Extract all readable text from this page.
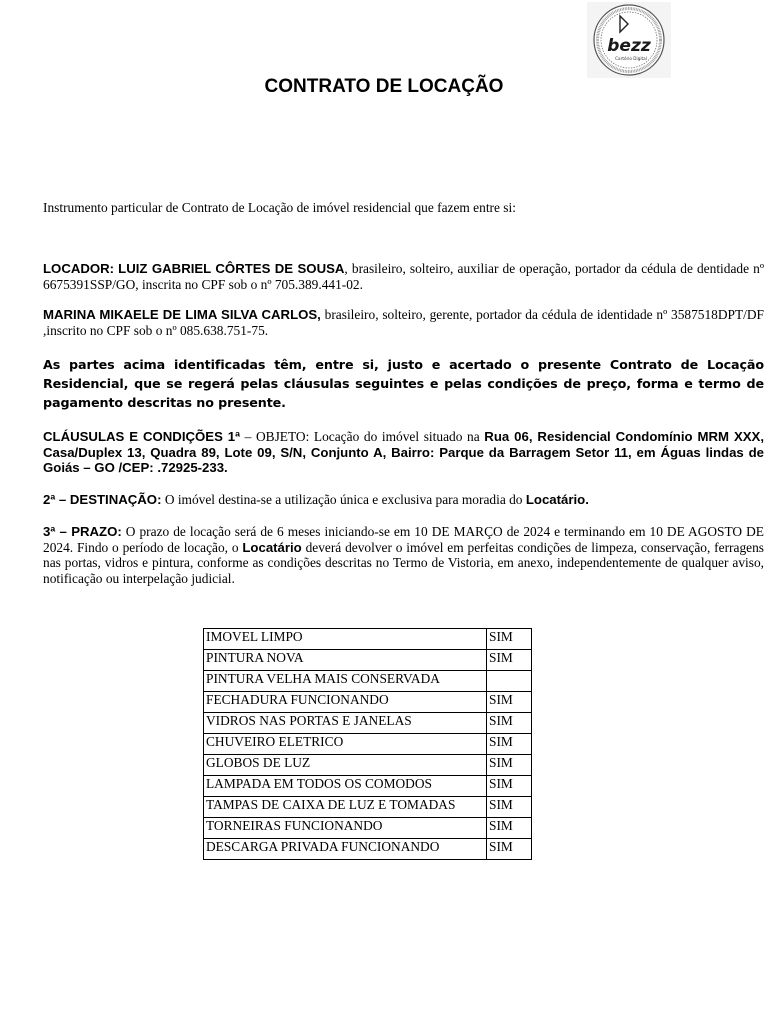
bezz
Cartório Digital
CONTRATO DE LOCAÇÃO

Instrumento particular de Contrato de Locação de imóvel residencial que fazem entre si:

LOCADOR: LUIZ GABRIEL CÔRTES DE SOUSA, brasileiro, solteiro, auxiliar de operação, portador da cédula de dentidade nº 6675391SSP/GO, inscrita no CPF sob o nº 705.389.441-02.

MARINA MIKAELE DE LIMA SILVA CARLOS, brasileiro, solteiro, gerente, portador da cédula de identidade nº 3587518DPT/DF ,inscrito no CPF sob o nº 085.638.751-75.

As partes acima identificadas têm, entre si, justo e acertado o presente Contrato de Locação Residencial, que se regerá pelas cláusulas seguintes e pelas condições de preço, forma e termo de pagamento descritas no presente.

CLÁUSULAS E CONDIÇÕES 1ª – OBJETO: Locação do imóvel situado na Rua 06, Residencial Condomínio MRM XXX, Casa/Duplex 13, Quadra 89, Lote 09, S/N, Conjunto A, Bairro: Parque da Barragem Setor 11, em Águas lindas de Goiás – GO /CEP: .72925-233.

2ª – DESTINAÇÃO: O imóvel destina-se a utilização única e exclusiva para moradia do Locatário.

3ª – PRAZO: O prazo de locação será de 6 meses iniciando-se em 10 DE MARÇO de 2024 e terminando em 10 DE AGOSTO DE 2024. Findo o período de locação, o Locatário deverá devolver o imóvel em perfeitas condições de limpeza, conservação, ferragens nas portas, vidros e pintura, conforme as condições descritas no Termo de Vistoria, em anexo, independentemente de qualquer aviso, notificação ou interpelação judicial.

IMOVEL LIMPO	SIM
PINTURA NOVA	SIM
PINTURA VELHA MAIS CONSERVADA	
FECHADURA FUNCIONANDO	SIM
VIDROS NAS PORTAS E JANELAS	SIM
CHUVEIRO ELETRICO	SIM
GLOBOS DE LUZ	SIM
LAMPADA EM TODOS OS COMODOS	SIM
TAMPAS DE CAIXA DE LUZ E TOMADAS	SIM
TORNEIRAS FUNCIONANDO	SIM
DESCARGA PRIVADA FUNCIONANDO	SIM
